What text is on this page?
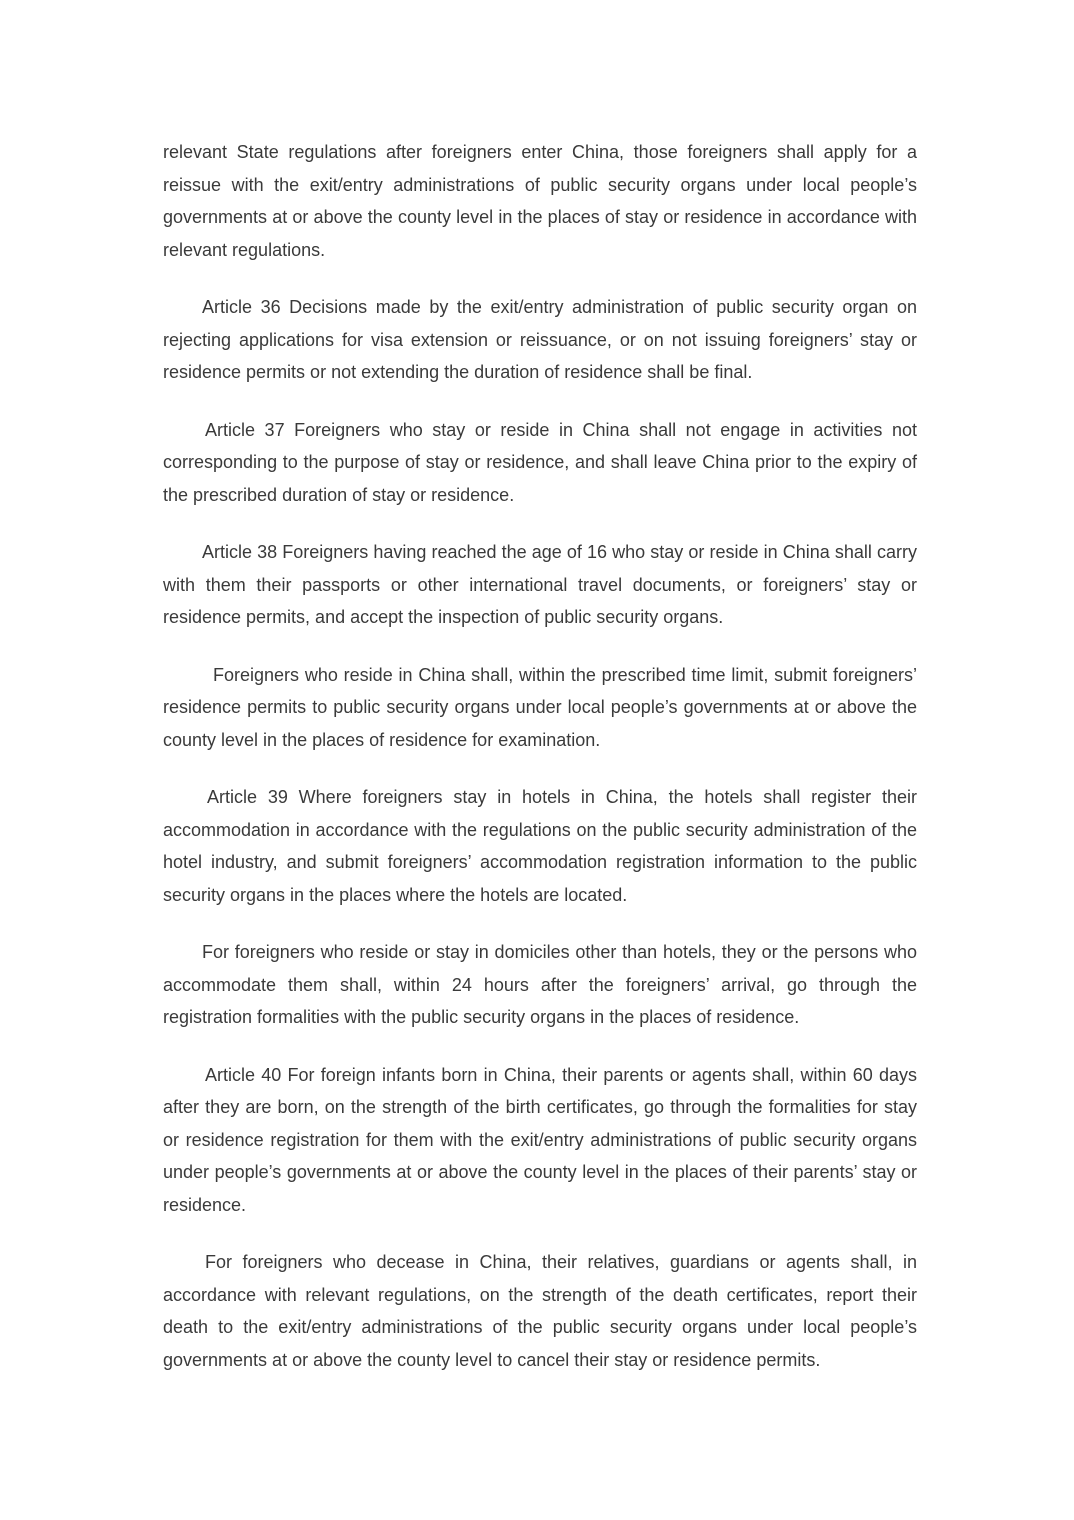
relevant State regulations after foreigners enter China, those foreigners shall apply for a reissue with the exit/entry administrations of public security organs under local people’s governments at or above the county level in the places of stay or residence in accordance with relevant regulations.

Article 36 Decisions made by the exit/entry administration of public security organ on rejecting applications for visa extension or reissuance, or on not issuing foreigners’ stay or residence permits or not extending the duration of residence shall be final.

Article 37 Foreigners who stay or reside in China shall not engage in activities not corresponding to the purpose of stay or residence, and shall leave China prior to the expiry of the prescribed duration of stay or residence.

Article 38 Foreigners having reached the age of 16 who stay or reside in China shall carry with them their passports or other international travel documents, or foreigners’ stay or residence permits, and accept the inspection of public security organs.

Foreigners who reside in China shall, within the prescribed time limit, submit foreigners’ residence permits to public security organs under local people’s governments at or above the county level in the places of residence for examination.

Article 39 Where foreigners stay in hotels in China, the hotels shall register their accommodation in accordance with the regulations on the public security administration of the hotel industry, and submit foreigners’ accommodation registration information to the public security organs in the places where the hotels are located.

For foreigners who reside or stay in domiciles other than hotels, they or the persons who accommodate them shall, within 24 hours after the foreigners’ arrival, go through the registration formalities with the public security organs in the places of residence.

Article 40 For foreign infants born in China, their parents or agents shall, within 60 days after they are born, on the strength of the birth certificates, go through the formalities for stay or residence registration for them with the exit/entry administrations of public security organs under people’s governments at or above the county level in the places of their parents’ stay or residence.

For foreigners who decease in China, their relatives, guardians or agents shall, in accordance with relevant regulations, on the strength of the death certificates, report their death to the exit/entry administrations of the public security organs under local people’s governments at or above the county level to cancel their stay or residence permits.
